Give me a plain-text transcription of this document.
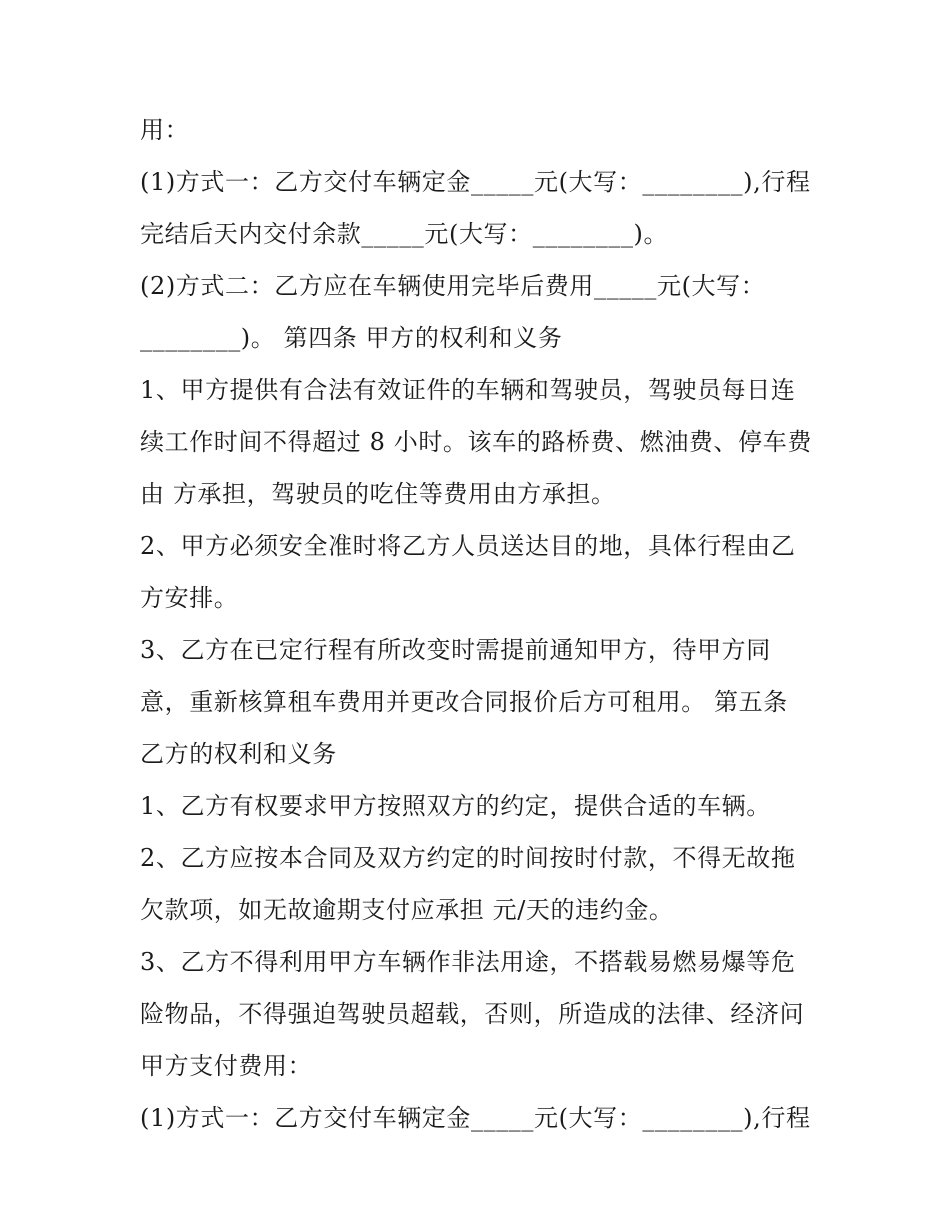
用：
(1)方式一：乙方交付车辆定金_____元(大写：________),行程
完结后天内交付余款_____元(大写：________)。
(2)方式二：乙方应在车辆使用完毕后费用_____元(大写：
________)。 第四条 甲方的权利和义务
1、甲方提供有合法有效证件的车辆和驾驶员，驾驶员每日连
续工作时间不得超过 8 小时。该车的路桥费、燃油费、停车费
由 方承担，驾驶员的吃住等费用由方承担。
2、甲方必须安全准时将乙方人员送达目的地，具体行程由乙
方安排。
3、乙方在已定行程有所改变时需提前通知甲方，待甲方同
意，重新核算租车费用并更改合同报价后方可租用。 第五条
乙方的权利和义务
1、乙方有权要求甲方按照双方的约定，提供合适的车辆。
2、乙方应按本合同及双方约定的时间按时付款，不得无故拖
欠款项，如无故逾期支付应承担 元/天的违约金。
3、乙方不得利用甲方车辆作非法用途，不搭载易燃易爆等危
险物品，不得强迫驾驶员超载，否则，所造成的法律、经济问
甲方支付费用：
(1)方式一：乙方交付车辆定金_____元(大写：________),行程
